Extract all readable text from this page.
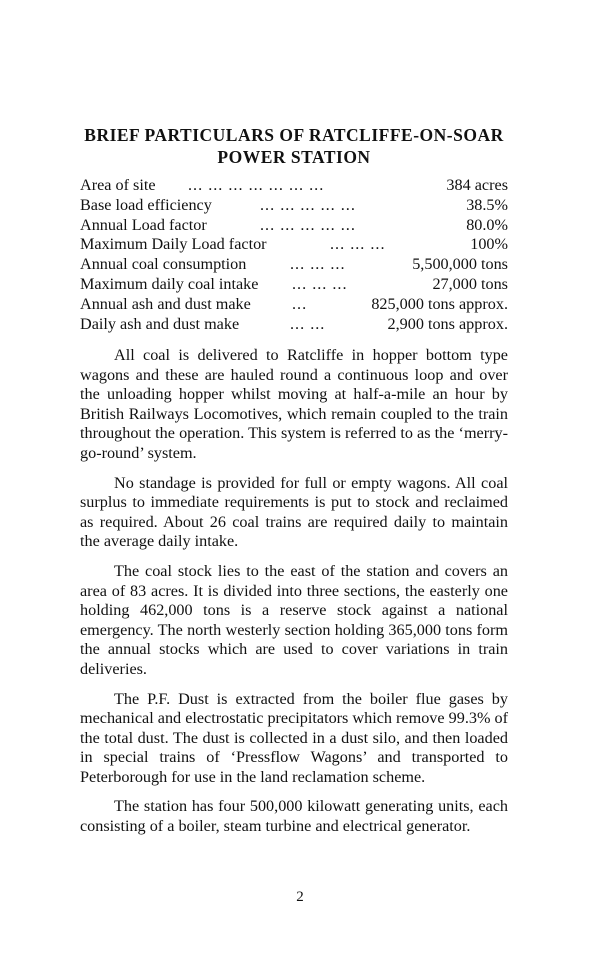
BRIEF PARTICULARS OF RATCLIFFE-ON-SOAR
POWER STATION
Area of site ... ... ... ... ... ... ...	384 acres
Base load efficiency	... ... ... ... ...	38.5%
Annual Load factor	... ... ... ... ...	80.0%
Maximum Daily Load factor	... ... ...	100%
Annual coal consumption	... ... ...	5,500,000 tons
Maximum daily coal intake ... ... ...	27,000 tons
Annual ash and dust make	...	825,000 tons approx.
Daily ash and dust make	... ...	2,900 tons approx.

All coal is delivered to Ratcliffe in hopper bottom type wagons and these are hauled round a continuous loop and over the unloading hopper whilst moving at half-a-mile an hour by British Railways Locomotives, which remain coupled to the train throughout the operation. This system is referred to as the ‘merry-go-round’ system.

No standage is provided for full or empty wagons. All coal surplus to immediate requirements is put to stock and reclaimed as required. About 26 coal trains are required daily to maintain the average daily intake.

The coal stock lies to the east of the station and covers an area of 83 acres. It is divided into three sections, the easterly one holding 462,000 tons is a reserve stock against a national emergency. The north westerly section holding 365,000 tons form the annual stocks which are used to cover variations in train deliveries.

The P.F. Dust is extracted from the boiler flue gases by mechanical and electrostatic precipitators which remove 99.3% of the total dust. The dust is collected in a dust silo, and then loaded in special trains of ‘Pressflow Wagons’ and transported to Peterborough for use in the land reclamation scheme.

The station has four 500,000 kilowatt generating units, each consisting of a boiler, steam turbine and electrical generator.

2
